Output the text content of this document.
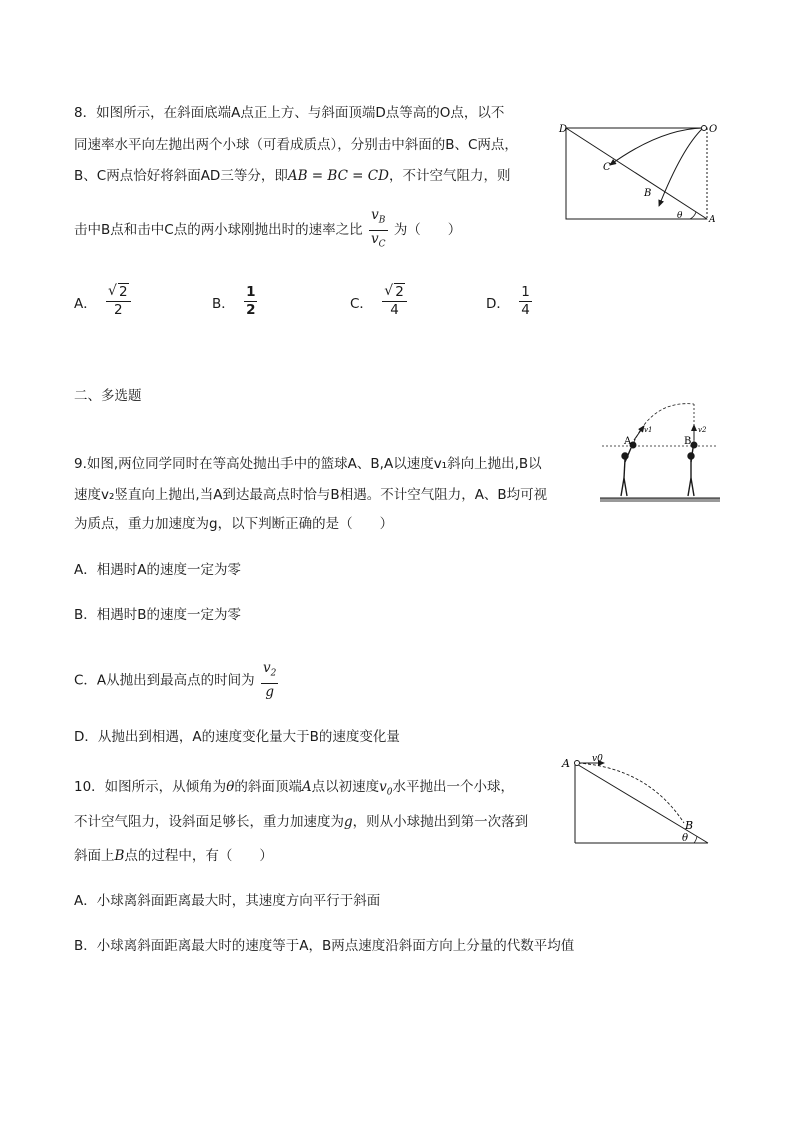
8．如图所示，在斜面底端A点正上方、与斜面顶端D点等高的O点，以不
同速率水平向左抛出两个小球（可看成质点），分别击中斜面的B、C两点，
B、C两点恰好将斜面AD三等分，即AB = BC = CD，不计空气阻力，则
击中B点和击中C点的两小球刚抛出时的速率之比 $\frac{v_B}{v_C}$ 为（　　）
A． √ $\frac{2}{2}$	B． $\frac{1}{2}$	C． √ $\frac{2}{4}$	D． $\frac{1}{4}$
D	O
C
B
A
θ
二、多选题
9.如图,两位同学同时在等高处抛出手中的篮球A、B,A以速度v₁斜向上抛出,B以
速度v₂竖直向上抛出,当A到达最高点时恰与B相遇。不计空气阻力，A、B均可视
为质点，重力加速度为g，以下判断正确的是（　　）
A．相遇时A的速度一定为零
B．相遇时B的速度一定为零
C．A从抛出到最高点的时间为 $\frac{v_2}{g}$
D．从抛出到相遇，A的速度变化量大于B的速度变化量
A	B
v1	v2
10．如图所示，从倾角为θ的斜面顶端A点以初速度$v_0$水平抛出一个小球，
不计空气阻力，设斜面足够长，重力加速度为g，则从小球抛出到第一次落到
斜面上B点的过程中，有（　　）
A．小球离斜面距离最大时，其速度方向平行于斜面
B．小球离斜面距离最大时的速度等于A，B两点速度沿斜面方向上分量的代数平均值
A v0
B
θ
